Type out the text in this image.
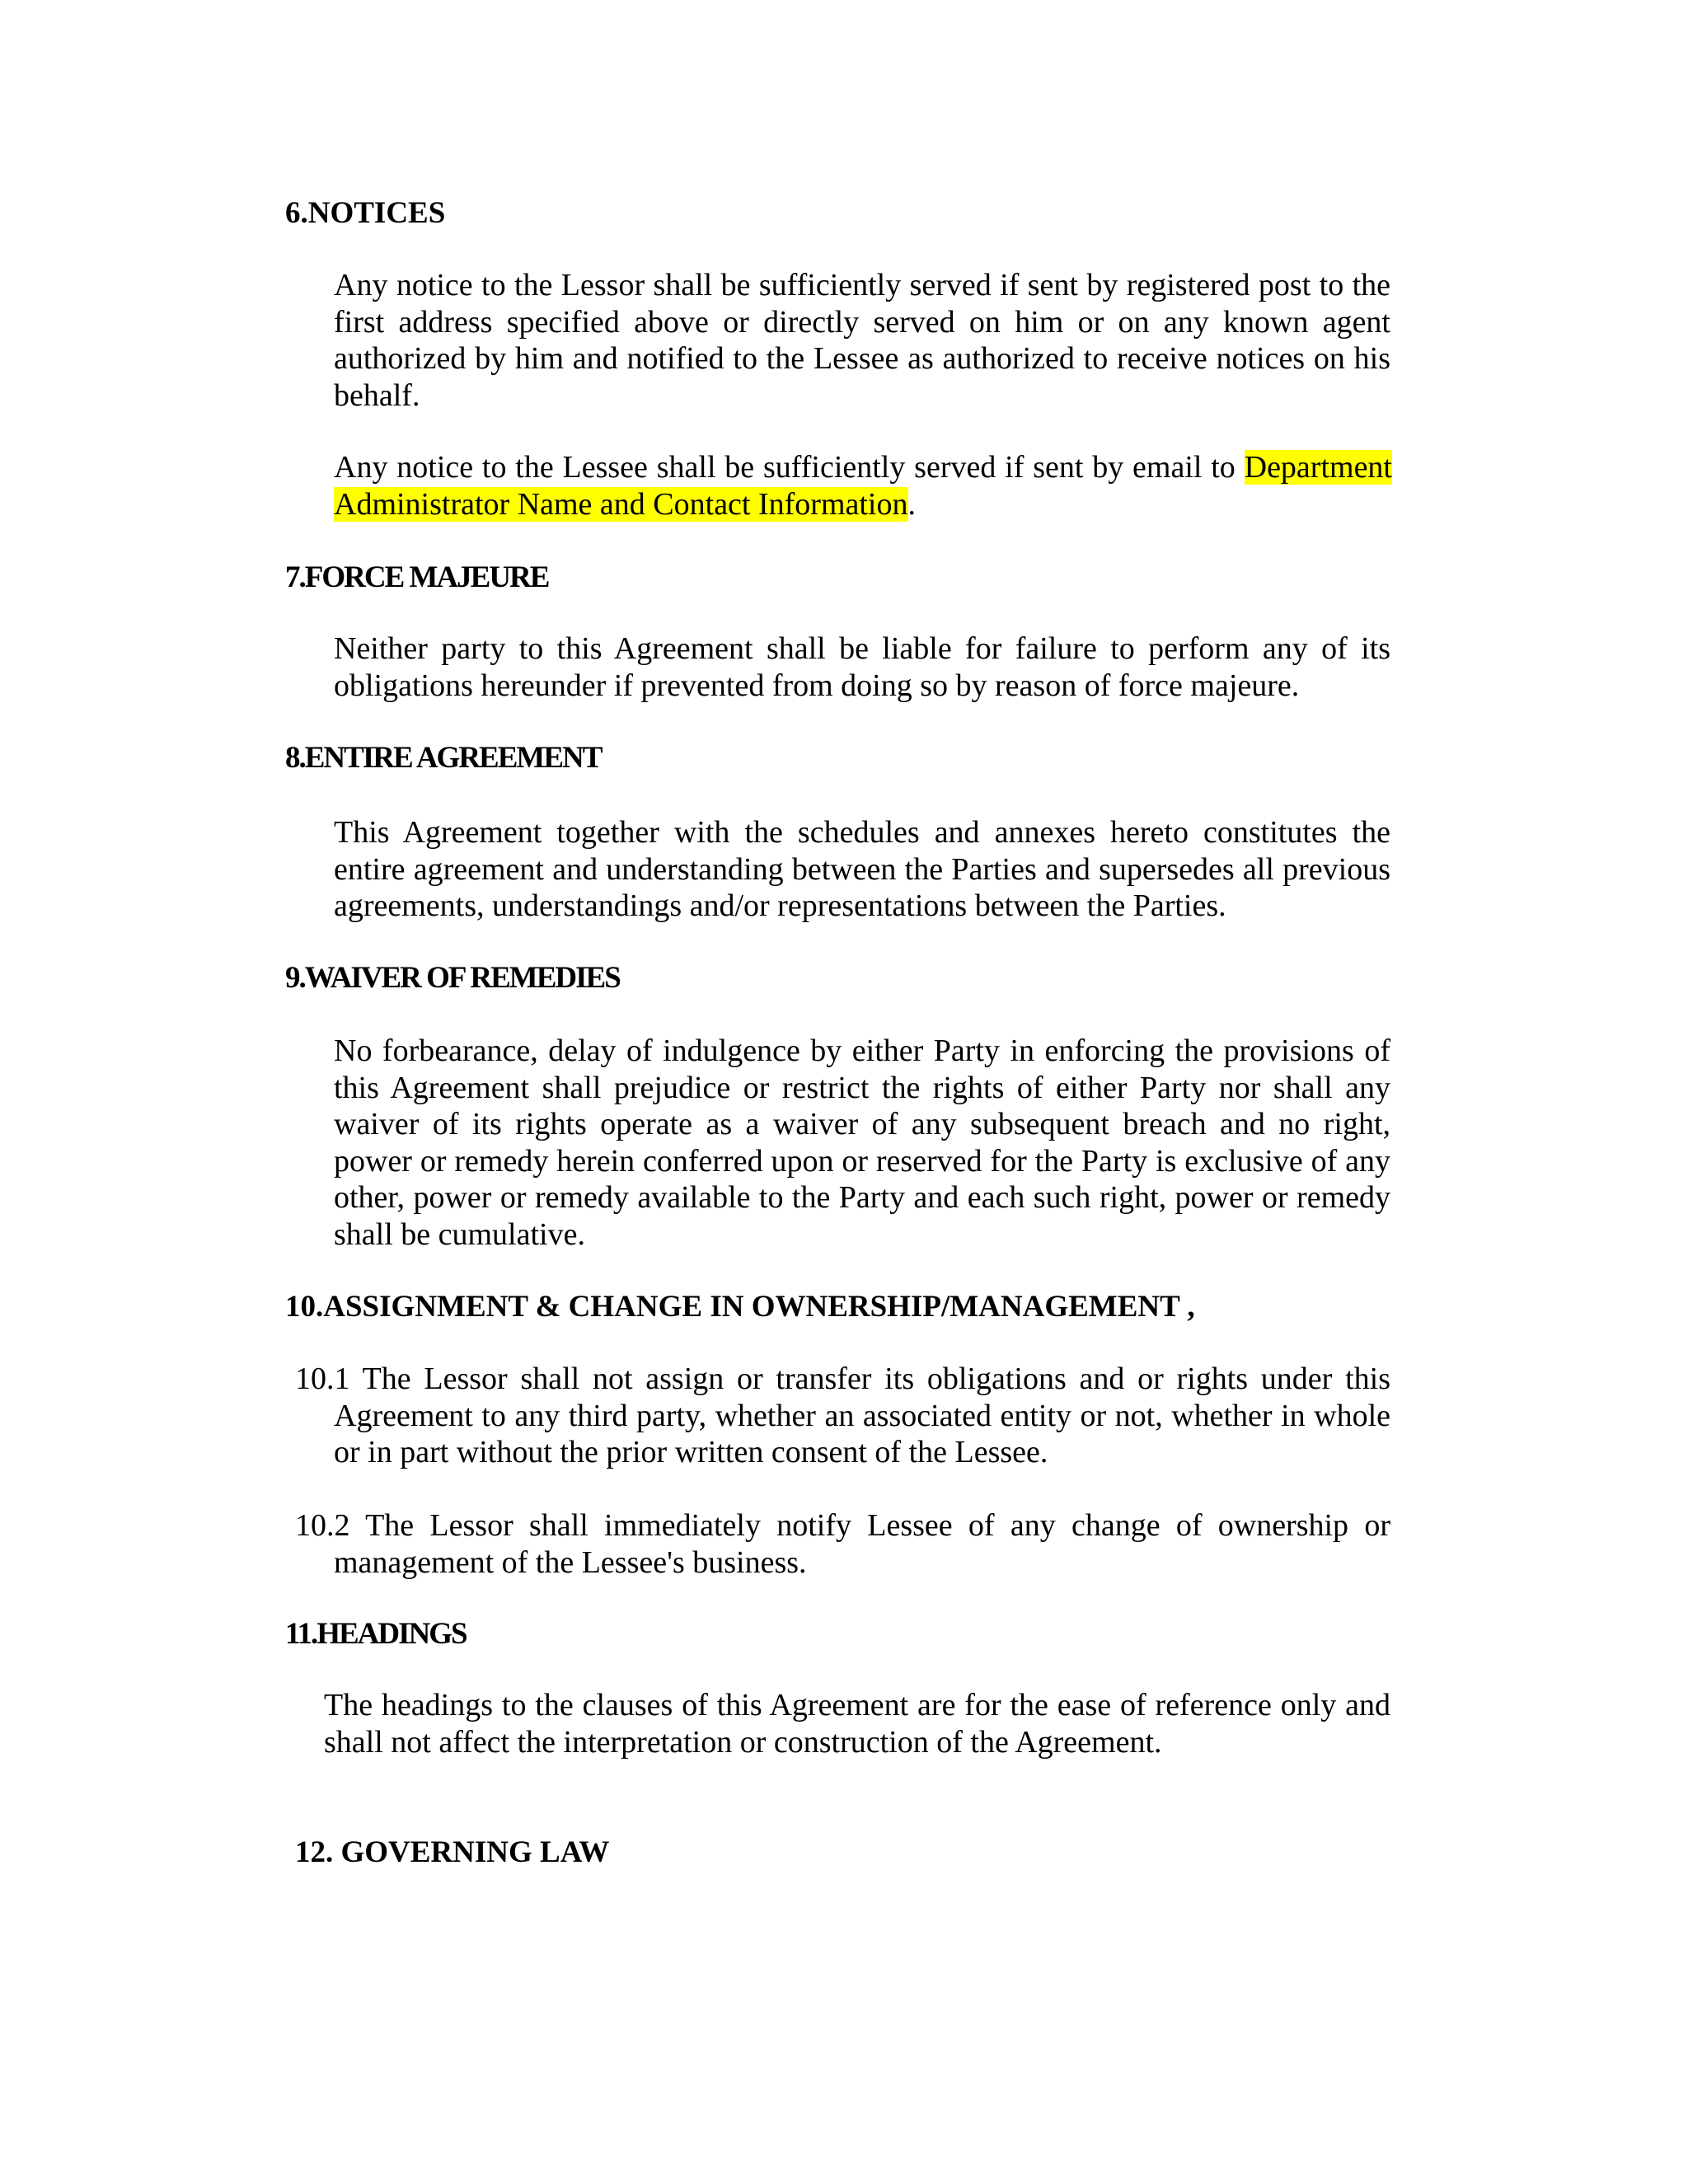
6.NOTICES
Any notice to the Lessor shall be sufficiently served if sent by registered post to the first address specified above or directly served on him or on any known agent authorized by him and notified to the Lessee as authorized to receive notices on his behalf.
Any notice to the Lessee shall be sufficiently served if sent by email to Department Administrator Name and Contact Information.
7.FORCE MAJEURE
Neither party to this Agreement shall be liable for failure to perform any of its obligations hereunder if prevented from doing so by reason of force majeure.
8.ENTIRE AGREEMENT
This Agreement together with the schedules and annexes hereto constitutes the entire agreement and understanding between the Parties and supersedes all previous agreements, understandings and/or representations between the Parties.
9.WAIVER OF REMEDIES
No forbearance, delay of indulgence by either Party in enforcing the provisions of this Agreement shall prejudice or restrict the rights of either Party nor shall any waiver of its rights operate as a waiver of any subsequent breach and no right, power or remedy herein conferred upon or reserved for the Party is exclusive of any other, power or remedy available to the Party and each such right, power or remedy shall be cumulative.
10.ASSIGNMENT & CHANGE IN OWNERSHIP/MANAGEMENT ,
10.1 The Lessor shall not assign or transfer its obligations and or rights under this Agreement to any third party, whether an associated entity or not, whether in whole or in part without the prior written consent of the Lessee.
10.2 The Lessor shall immediately notify Lessee of any change of ownership or management of the Lessee's business.
11.HEADINGS
The headings to the clauses of this Agreement are for the ease of reference only and shall not affect the interpretation or construction of the Agreement.
12. GOVERNING LAW
